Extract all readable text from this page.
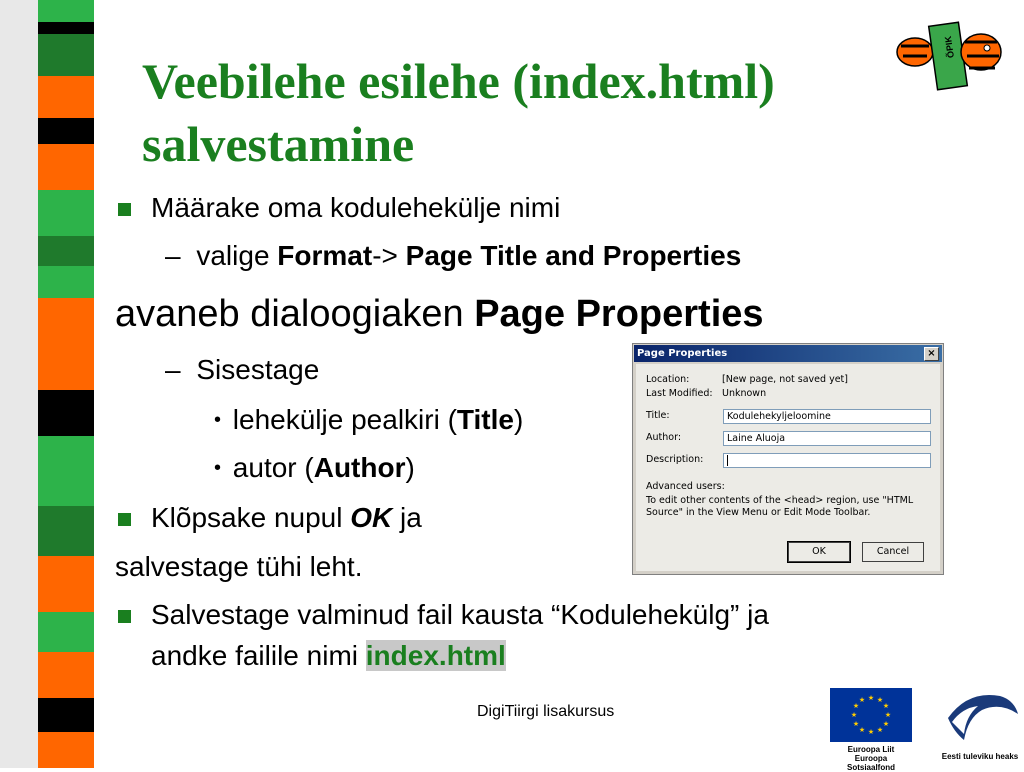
Veebilehe esilehe (index.html)
salvestamine
ÕPIK
Määrake oma kodulehekülje nimi
– valige Format-> Page Title and Properties
avaneb dialoogiaken Page Properties
– Sisestage
• lehekülje pealkiri (Title)
• autor (Author)
Klõpsake nupul OK ja
salvestage tühi leht.
Salvestage valminud fail kausta “Kodulehekülg” ja
andke failile nimi index.html
Page Properties	×
Location:	[New page, not saved yet]
Last Modified: Unknown
Title:	Kodulehekyljeloomine
Author:	Laine Aluoja
Description:
Advanced users:
To edit other contents of the <head> region, use "HTML
Source" in the View Menu or Edit Mode Toolbar.
OK	Cancel
DigiTiirgi lisakursus
★ ★
★
★
★
★
★
★
★
★
★
★
Euroopa Liit
Euroopa Sotsiaalfond
Eesti tuleviku heaks
